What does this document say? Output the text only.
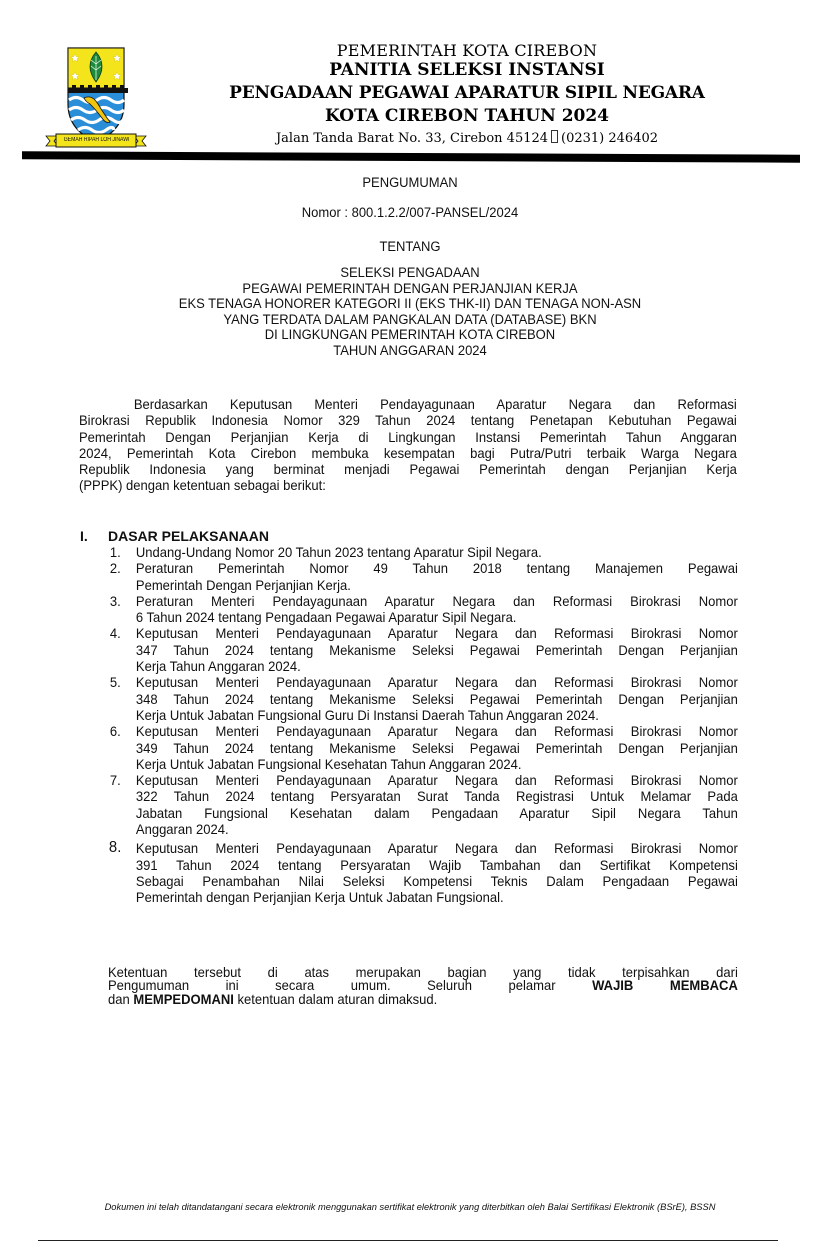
GEMAH RIPAH LOH JINAWI
PEMERINTAH KOTA CIREBON
PANITIA SELEKSI INSTANSI
PENGADAAN PEGAWAI APARATUR SIPIL NEGARA
KOTA CIREBON TAHUN 2024
Jalan Tanda Barat No. 33, Cirebon 45124 (0231) 246402
PENGUMUMAN
Nomor : 800.1.2.2/007-PANSEL/2024
TENTANG
SELEKSI PENGADAAN
PEGAWAI PEMERINTAH DENGAN PERJANJIAN KERJA
EKS TENAGA HONORER KATEGORI II (EKS THK-II) DAN TENAGA NON-ASN
YANG TERDATA DALAM PANGKALAN DATA (DATABASE) BKN
DI LINGKUNGAN PEMERINTAH KOTA CIREBON
TAHUN ANGGARAN 2024
Berdasarkan Keputusan Menteri Pendayagunaan Aparatur Negara dan Reformasi
Birokrasi Republik Indonesia Nomor 329 Tahun 2024 tentang Penetapan Kebutuhan Pegawai
Pemerintah Dengan Perjanjian Kerja di Lingkungan Instansi Pemerintah Tahun Anggaran
2024, Pemerintah Kota Cirebon membuka kesempatan bagi Putra/Putri terbaik Warga Negara
Republik Indonesia yang berminat menjadi Pegawai Pemerintah dengan Perjanjian Kerja
(PPPK) dengan ketentuan sebagai berikut:
I. DASAR PELAKSANAAN
1. Undang-Undang Nomor 20 Tahun 2023 tentang Aparatur Sipil Negara.
2. Peraturan Pemerintah Nomor 49 Tahun 2018 tentang Manajemen Pegawai
Pemerintah Dengan Perjanjian Kerja.
3. Peraturan Menteri Pendayagunaan Aparatur Negara dan Reformasi Birokrasi Nomor
6 Tahun 2024 tentang Pengadaan Pegawai Aparatur Sipil Negara.
4. Keputusan Menteri Pendayagunaan Aparatur Negara dan Reformasi Birokrasi Nomor
347 Tahun 2024 tentang Mekanisme Seleksi Pegawai Pemerintah Dengan Perjanjian
Kerja Tahun Anggaran 2024.
5. Keputusan Menteri Pendayagunaan Aparatur Negara dan Reformasi Birokrasi Nomor
348 Tahun 2024 tentang Mekanisme Seleksi Pegawai Pemerintah Dengan Perjanjian
Kerja Untuk Jabatan Fungsional Guru Di Instansi Daerah Tahun Anggaran 2024.
6. Keputusan Menteri Pendayagunaan Aparatur Negara dan Reformasi Birokrasi Nomor
349 Tahun 2024 tentang Mekanisme Seleksi Pegawai Pemerintah Dengan Perjanjian
Kerja Untuk Jabatan Fungsional Kesehatan Tahun Anggaran 2024.
7. Keputusan Menteri Pendayagunaan Aparatur Negara dan Reformasi Birokrasi Nomor
322 Tahun 2024 tentang Persyaratan Surat Tanda Registrasi Untuk Melamar Pada
Jabatan Fungsional Kesehatan dalam Pengadaan Aparatur Sipil Negara Tahun
Anggaran 2024.
8. Keputusan Menteri Pendayagunaan Aparatur Negara dan Reformasi Birokrasi Nomor
391 Tahun 2024 tentang Persyaratan Wajib Tambahan dan Sertifikat Kompetensi
Sebagai Penambahan Nilai Seleksi Kompetensi Teknis Dalam Pengadaan Pegawai
Pemerintah dengan Perjanjian Kerja Untuk Jabatan Fungsional.
Ketentuan tersebut di atas merupakan bagian yang tidak terpisahkan dari
Pengumuman ini secara umum. Seluruh pelamar	WAJIB MEMBACA
dan MEMPEDOMANI ketentuan dalam aturan dimaksud.
Dokumen ini telah ditandatangani secara elektronik menggunakan sertifikat elektronik yang diterbitkan oleh Balai Sertifikasi Elektronik (BSrE), BSSN
